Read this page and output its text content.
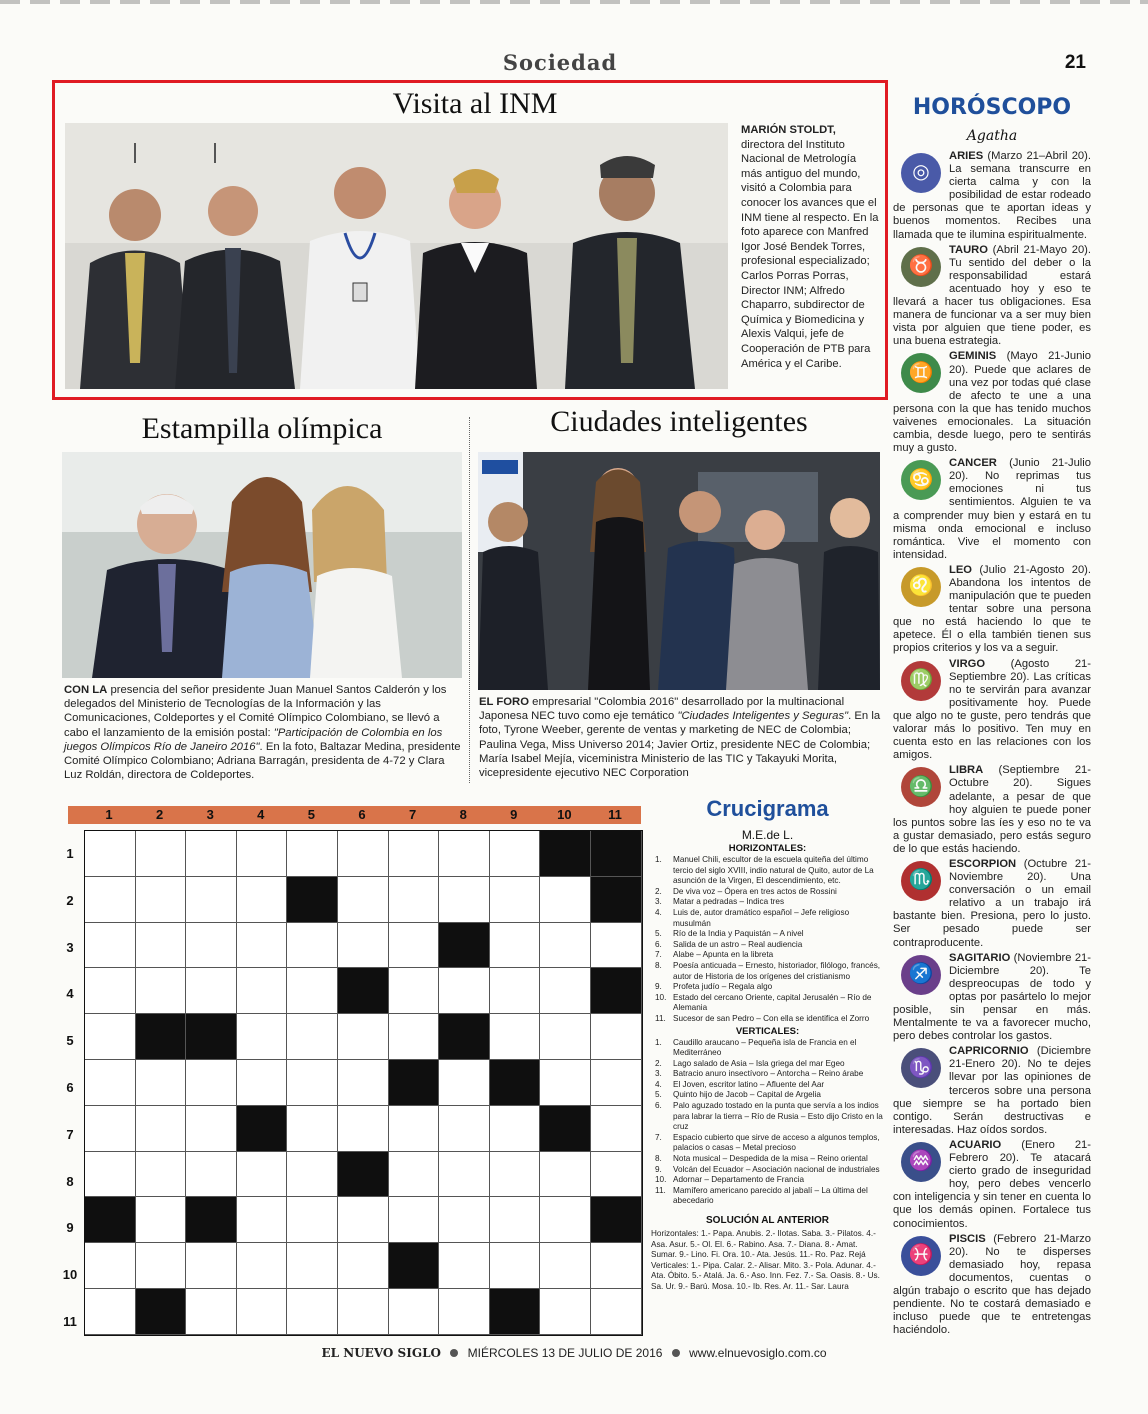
Sociedad	21
Visita al INM
MARIÓN STOLDT, directora del Instituto Nacional de Metrología más antiguo del mundo, visitó a Colombia para conocer los avances que el INM tiene al respecto. En la foto aparece con Manfred Igor José Bendek Torres, profesional especializado; Carlos Porras Porras, Director INM; Alfredo Chaparro, subdirector de Química y Biomedicina y Alexis Valqui, jefe de Cooperación de PTB para América y el Caribe.
Estampilla olímpica
CON LA presencia del señor presidente Juan Manuel Santos Calderón y los delegados del Ministerio de Tecnologías de la Información y las Comunicaciones, Coldeportes y el Comité Olímpico Colombiano, se llevó a cabo el lanzamiento de la emisión postal: "Participación de Colombia en los juegos Olímpicos Río de Janeiro 2016". En la foto, Baltazar Medina, presidente Comité Olímpico Colombiano; Adriana Barragán, presidenta de 4-72 y Clara Luz Roldán, directora de Coldeportes.
Ciudades inteligentes
EL FORO empresarial "Colombia 2016" desarrollado por la multinacional Japonesa NEC tuvo como eje temático "Ciudades Inteligentes y Seguras". En la foto, Tyrone Weeber, gerente de ventas y marketing de NEC de Colombia; Paulina Vega, Miss Universo 2014; Javier Ortiz, presidente NEC de Colombia; María Isabel Mejía, viceministra Ministerio de las TIC y Takayuki Morita, vicepresidente ejecutivo NEC Corporation
HORÓSCOPO
Agatha
◎
ARIES (Marzo 21–Abril 20). La semana transcurre en cierta calma y con la posibilidad de estar rodeado de personas que te aportan ideas y buenos momentos. Recibes una llamada que te ilumina espiritualmente.
♉
TAURO (Abril 21-Mayo 20). Tu sentido del deber o la responsabilidad estará acentuado hoy y eso te llevará a hacer tus obligaciones. Esa manera de funcionar va a ser muy bien vista por alguien que tiene poder, es una buena estrategia.
♊
GEMINIS (Mayo 21-Junio 20). Puede que aclares de una vez por todas qué clase de afecto te une a una persona con la que has tenido muchos vaivenes emocionales. La situación cambia, desde luego, pero te sentirás muy a gusto.
♋
CANCER (Junio 21-Julio 20). No reprimas tus emociones ni tus sentimientos. Alguien te va a comprender muy bien y estará en tu misma onda emocional e incluso romántica. Vive el momento con intensidad.
♌
LEO (Julio 21-Agosto 20). Abandona los intentos de manipulación que te pueden tentar sobre una persona que no está haciendo lo que te apetece. Él o ella también tienen sus propios criterios y los va a seguir.
♍
VIRGO (Agosto 21-Septiembre 20). Las críticas no te servirán para avanzar positivamente hoy. Puede que algo no te guste, pero tendrás que valorar más lo positivo. Ten muy en cuenta esto en las relaciones con los amigos.
♎
LIBRA (Septiembre 21-Octubre 20). Sigues adelante, a pesar de que hoy alguien te puede poner los puntos sobre las íes y eso no te va a gustar demasiado, pero estás seguro de lo que estás haciendo.
♏
ESCORPION (Octubre 21-Noviembre 20). Una conversación o un email relativo a un trabajo irá bastante bien. Presiona, pero lo justo. Ser pesado puede ser contraproducente.
♐
SAGITARIO (Noviembre 21-Diciembre 20). Te despreocupas de todo y optas por pasártelo lo mejor posible, sin pensar en más. Mentalmente te va a favorecer mucho, pero debes controlar los gastos.
♑
CAPRICORNIO (Diciembre 21-Enero 20). No te dejes llevar por las opiniones de terceros sobre una persona que siempre se ha portado bien contigo. Serán destructivas e interesadas. Haz oídos sordos.
♒
ACUARIO (Enero 21-Febrero 20). Te atacará cierto grado de inseguridad hoy, pero debes vencerlo con inteligencia y sin tener en cuenta lo que los demás opinen. Fortalece tus conocimientos.
♓
PISCIS (Febrero 21-Marzo 20). No te disperses demasiado hoy, repasa documentos, cuentas o algún trabajo o escrito que has dejado pendiente. No te costará demasiado e incluso puede que te entretengas haciéndolo.
1	2	3	4	5	6	7	8	9	10	11
1
2
3
4
5
6
7
8
9
10
11
Crucigrama
M.E.de L.
HORIZONTALES:
1.	Manuel Chili, escultor de la escuela quiteña del último tercio del siglo XVIII, indio natural de Quito, autor de La asunción de la Virgen, El descendimiento, etc.
2.	De viva voz – Ópera en tres actos de Rossini
3.	Matar a pedradas – Indica tres
4.	Luis de, autor dramático español – Jefe religioso musulmán
5.	Río de la India y Paquistán – A nivel
6.	Salida de un astro – Real audiencia
7.	Alabe – Apunta en la libreta
8.	Poesía anticuada – Ernesto, historiador, filólogo, francés, autor de Historia de los orígenes del cristianismo
9.	Profeta judío – Regala algo
10. Estado del cercano Oriente, capital Jerusalén – Río de Alemania
11. Sucesor de san Pedro – Con ella se identifica el Zorro
VERTICALES:
1.	Caudillo araucano – Pequeña isla de Francia en el Mediterráneo
2.	Lago salado de Asia – Isla griega del mar Egeo
3.	Batracio anuro insectívoro – Antorcha – Reino árabe
4.	El Joven, escritor latino – Afluente del Aar
5.	Quinto hijo de Jacob – Capital de Argelia
6.	Palo aguzado tostado en la punta que servía a los indios para labrar la tierra – Río de Rusia – Esto dijo Cristo en la cruz
7.	Espacio cubierto que sirve de acceso a algunos templos, palacios o casas – Metal precioso
8.	Nota musical – Despedida de la misa – Reino oriental
9.	Volcán del Ecuador – Asociación nacional de industriales
10. Adornar – Departamento de Francia
11. Mamífero americano parecido al jabalí – La última del abecedario
SOLUCIÓN AL ANTERIOR
Horizontales: 1.- Papa. Anubis. 2.- Ilotas. Saba. 3.- Pilatos. 4.- Asa. Asur. 5.- Ol. El. 6.- Rabino. Asa. 7.- Diana. 8.- Amat. Sumar. 9.- Lino. Fi. Ora. 10.- Ata. Jesús. 11.- Ro. Paz. Rejá Verticales: 1.- Pipa. Calar. 2.- Alisar. Mito. 3.- Pola. Adunar. 4.- Ata. Óbito. 5.- Atalá. Ja. 6.- Aso. Inn. Fez. 7.- Sa. Oasis. 8.- Us. Sa. Ur. 9.- Barú. Mosa. 10.- Ib. Res. Ar. 11.- Sar. Laura
EL NUEVO SIGLO MIÉRCOLES 13 DE JULIO DE 2016 www.elnuevosiglo.com.co
